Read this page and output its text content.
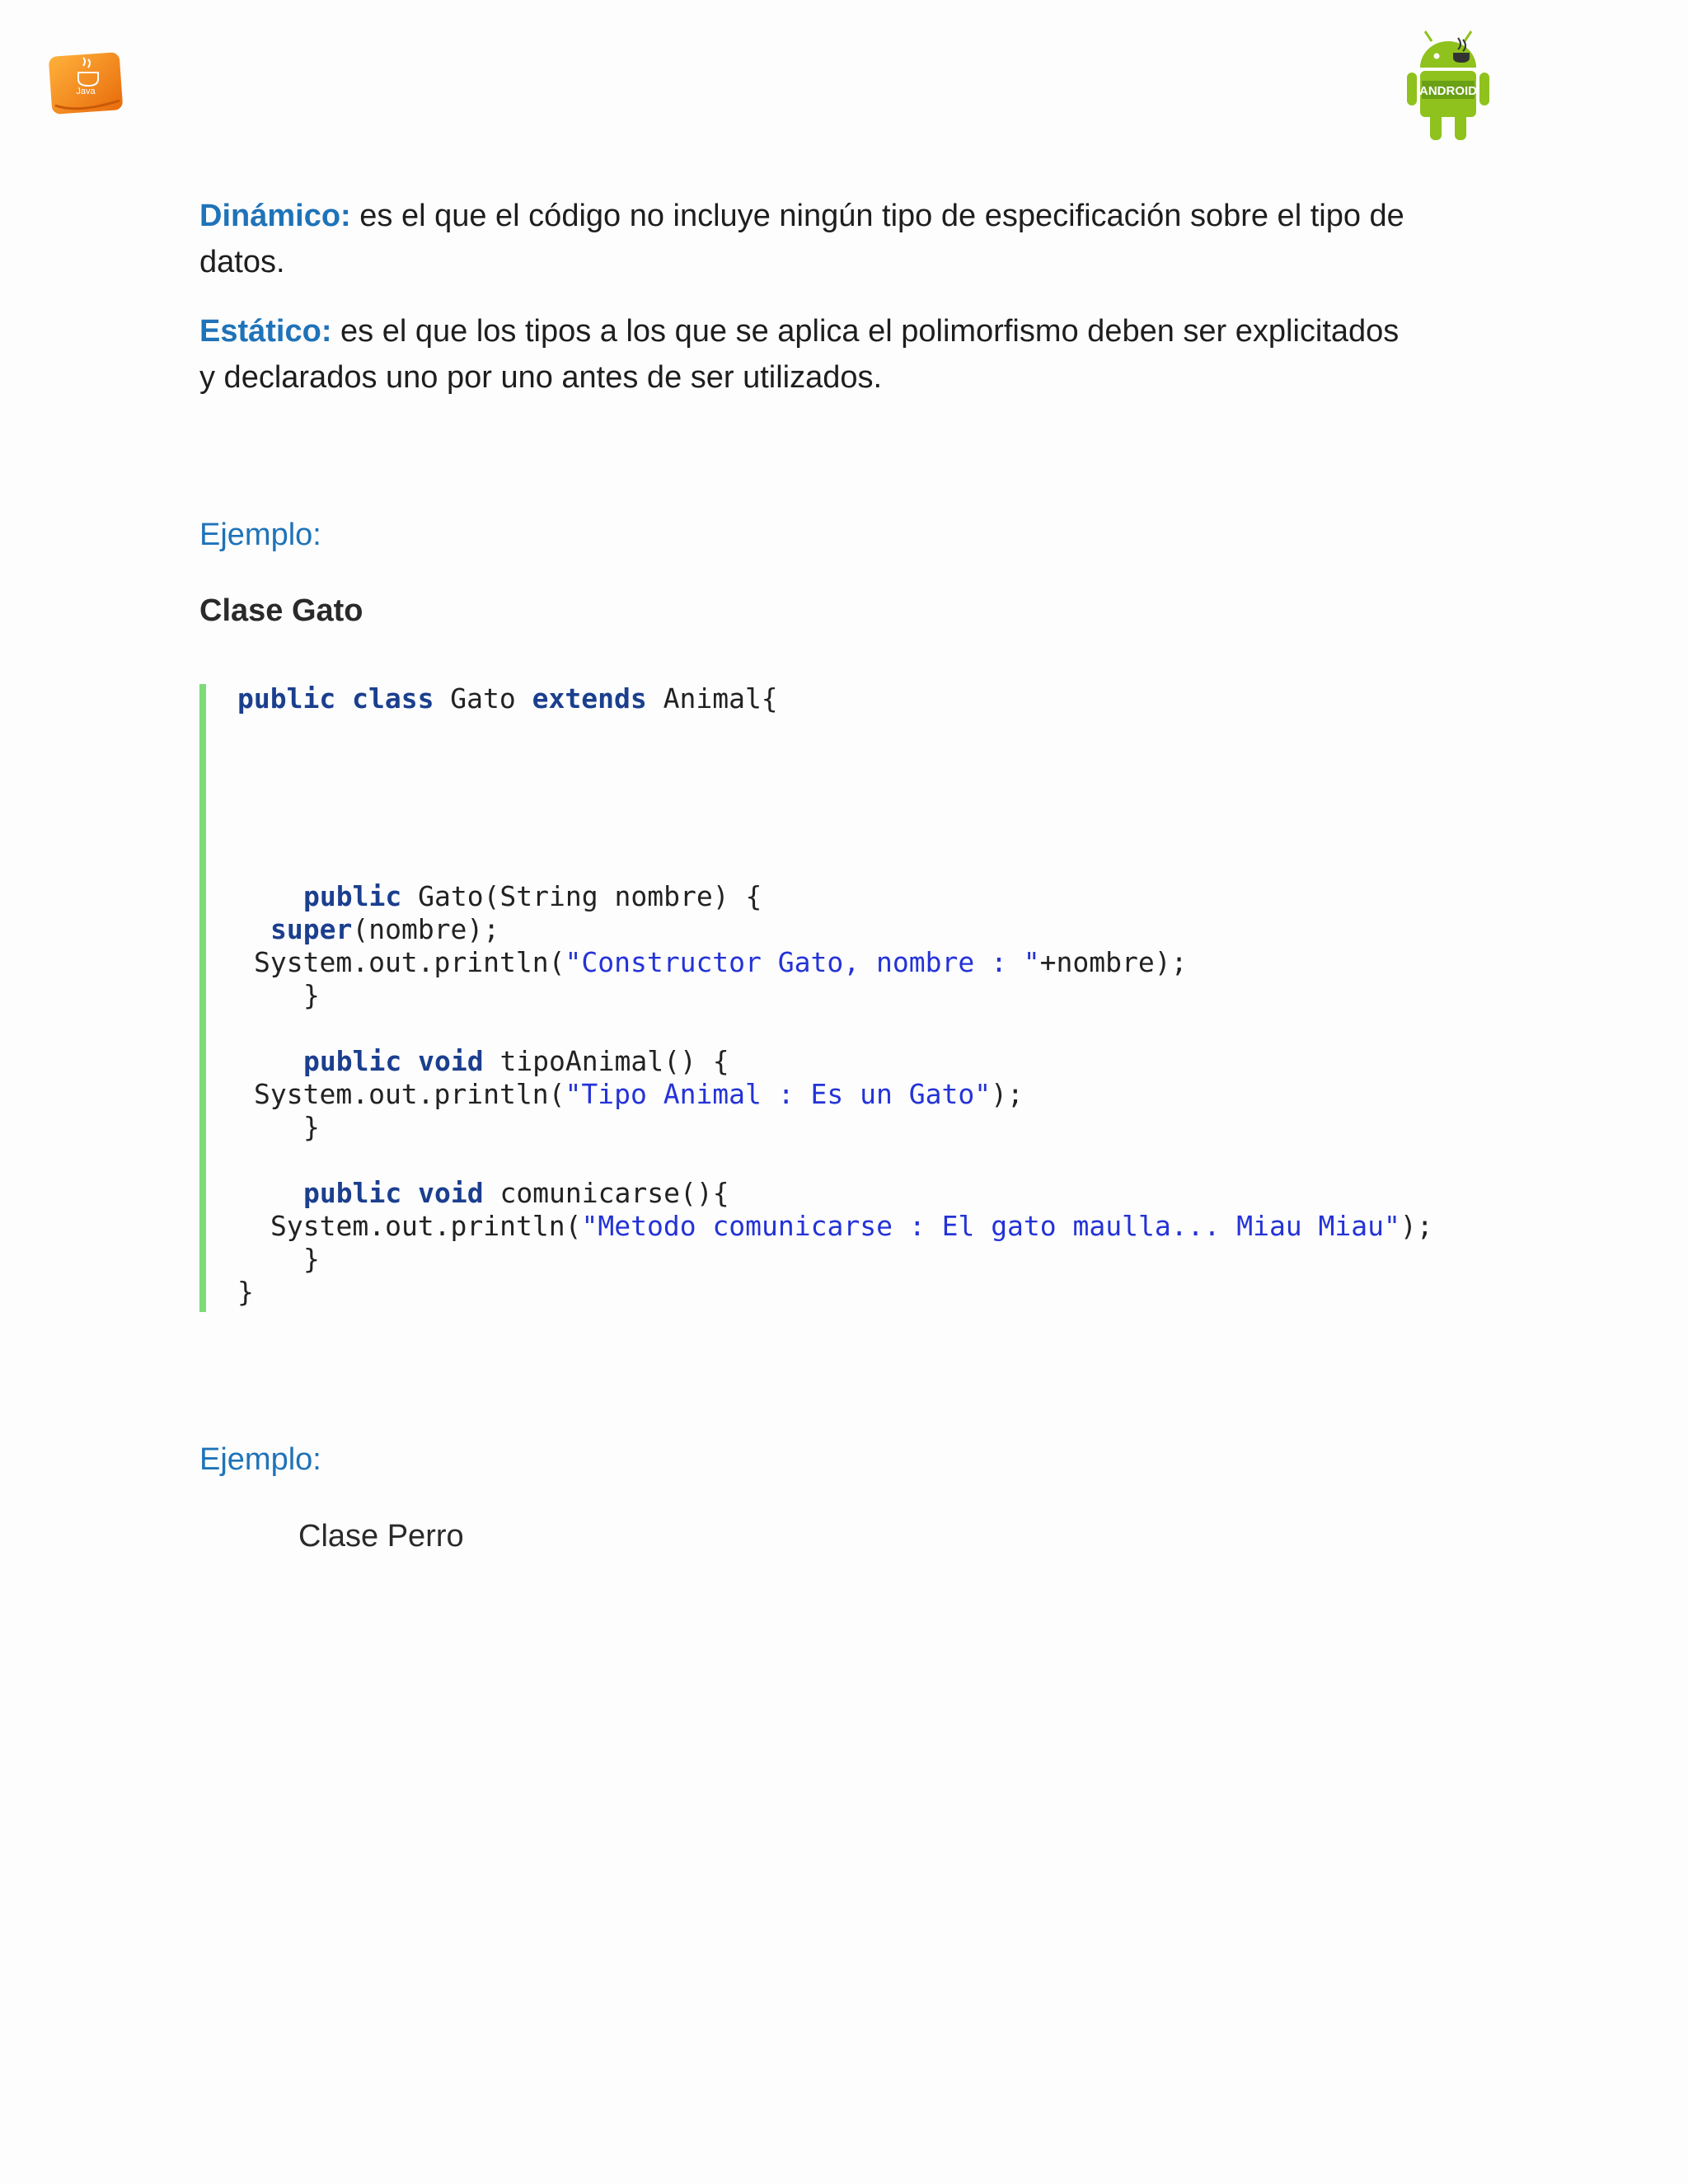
Java	ANDROID
Dinámico: es el que el código no incluye ningún tipo de especificación sobre el tipo de
datos.
Estático: es el que los tipos a los que se aplica el polimorfismo deben ser explicitados
y declarados uno por uno antes de ser utilizados.
Ejemplo:
Clase Gato
public class Gato extends Animal{
public Gato(String nombre) {
super(nombre);
System.out.println("Constructor Gato, nombre : "+nombre);
}
public void tipoAnimal() {
System.out.println("Tipo Animal : Es un Gato");
}
public void comunicarse(){
System.out.println("Metodo comunicarse : El gato maulla... Miau Miau");
}
}
Ejemplo:
Clase Perro
